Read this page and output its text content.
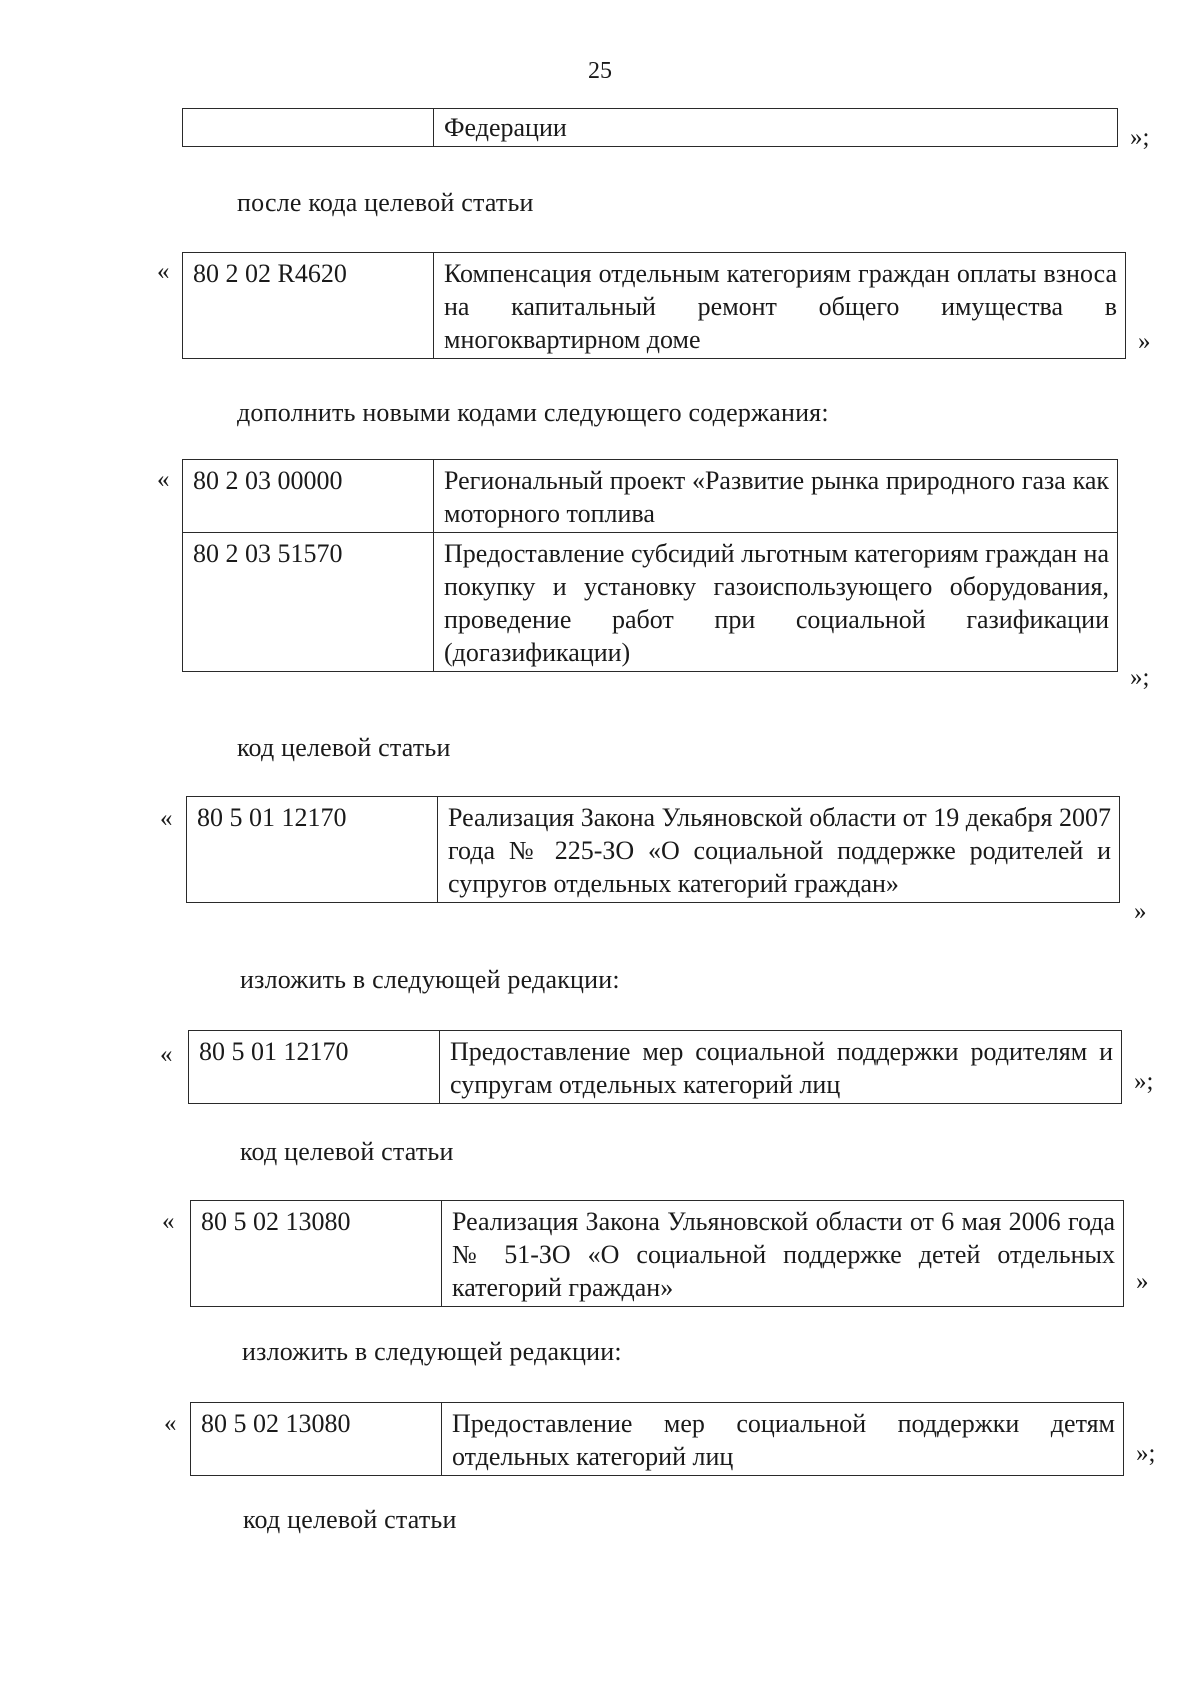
25
	Федерации	»;
после кода целевой статьи
« 80 2 02 R4620	Компенсация отдельным категориям граждан оплаты взноса на капитальный ремонт общего имущества в многоквартирном доме	»
дополнить новыми кодами следующего содержания:
« 80 2 03 00000	Региональный проект «Развитие рынка природного газа как моторного топлива
80 2 03 51570	Предоставление субсидий льготным категориям граждан на покупку и установку газоиспользующего оборудования, проведение работ при социальной газификации (догазификации)
»;
код целевой статьи
« 80 5 01 12170	Реализация Закона Ульяновской области от 19 декабря 2007 года № 225-ЗО «О социальной поддержке родителей и супругов отдельных категорий граждан»
»
изложить в следующей редакции:
« 80 5 01 12170	Предоставление мер социальной поддержки родителям и супругам отдельных категорий лиц	»;
код целевой статьи
« 80 5 02 13080	Реализация Закона Ульяновской области от 6 мая 2006 года № 51-ЗО «О социальной поддержке детей отдельных категорий граждан»	»
изложить в следующей редакции:
« 80 5 02 13080	Предоставление мер социальной поддержки детям отдельных категорий лиц	»;
код целевой статьи
